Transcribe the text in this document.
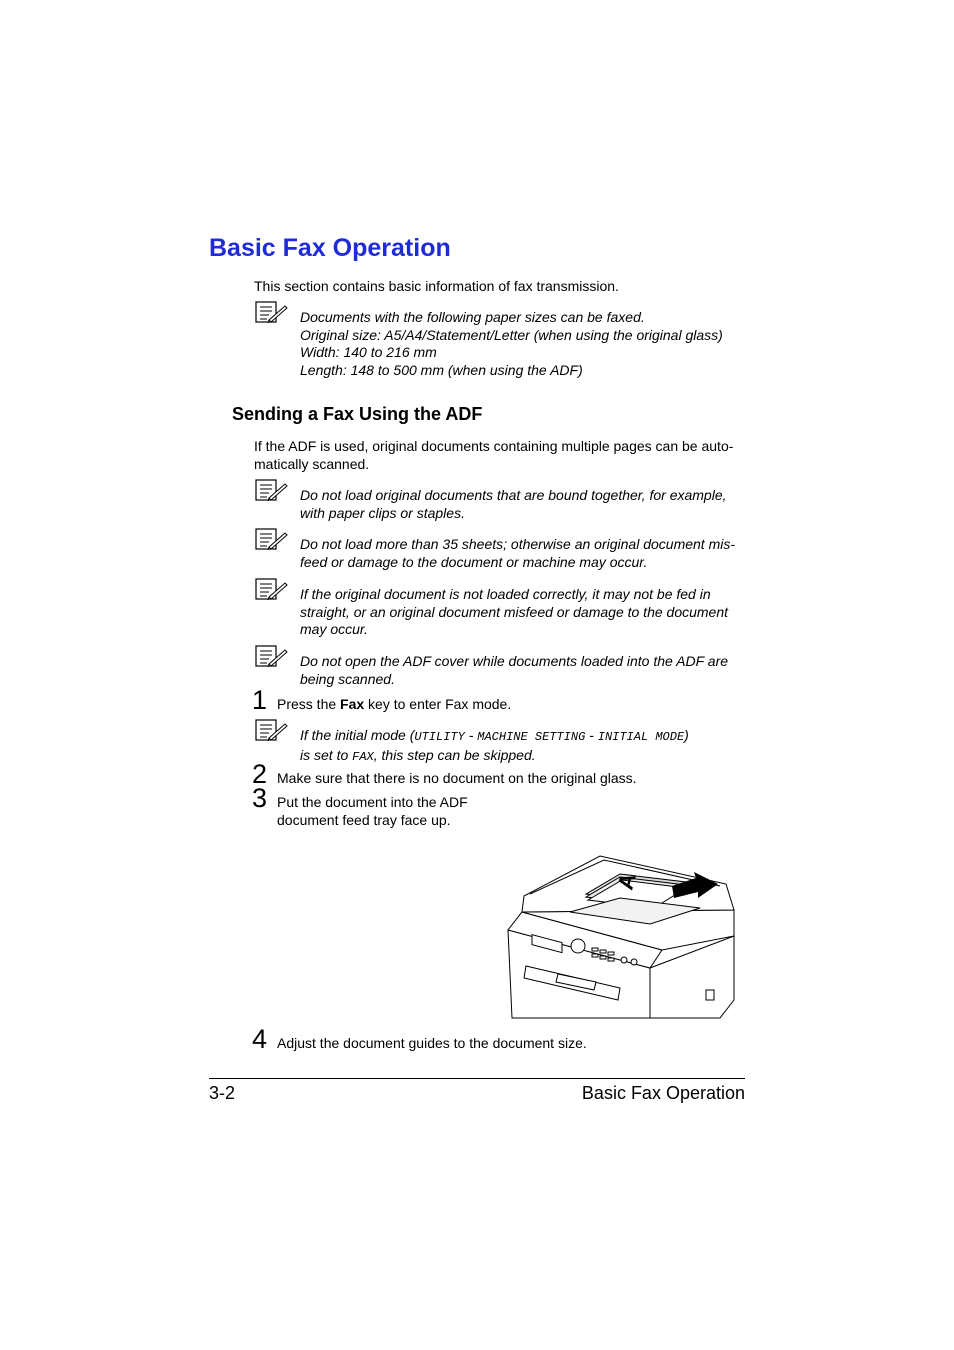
Basic Fax Operation
This section contains basic information of fax transmission.
Documents with the following paper sizes can be faxed.
Original size: A5/A4/Statement/Letter (when using the original glass)
Width: 140 to 216 mm
Length: 148 to 500 mm (when using the ADF)
Sending a Fax Using the ADF
If the ADF is used, original documents containing multiple pages can be auto-
matically scanned.
Do not load original documents that are bound together, for example,
with paper clips or staples.
Do not load more than 35 sheets; otherwise an original document mis-
feed or damage to the document or machine may occur.
If the original document is not loaded correctly, it may not be fed in
straight, or an original document misfeed or damage to the document
may occur.
Do not open the ADF cover while documents loaded into the ADF are
being scanned.
1 Press the Fax key to enter Fax mode.
If the initial mode (UTILITY - MACHINE SETTING - INITIAL MODE)
is set to FAX, this step can be skipped.
2 Make sure that there is no document on the original glass.
3 Put the document into the ADF
document feed tray face up.
A
4 Adjust the document guides to the document size.
3-2	Basic Fax Operation
